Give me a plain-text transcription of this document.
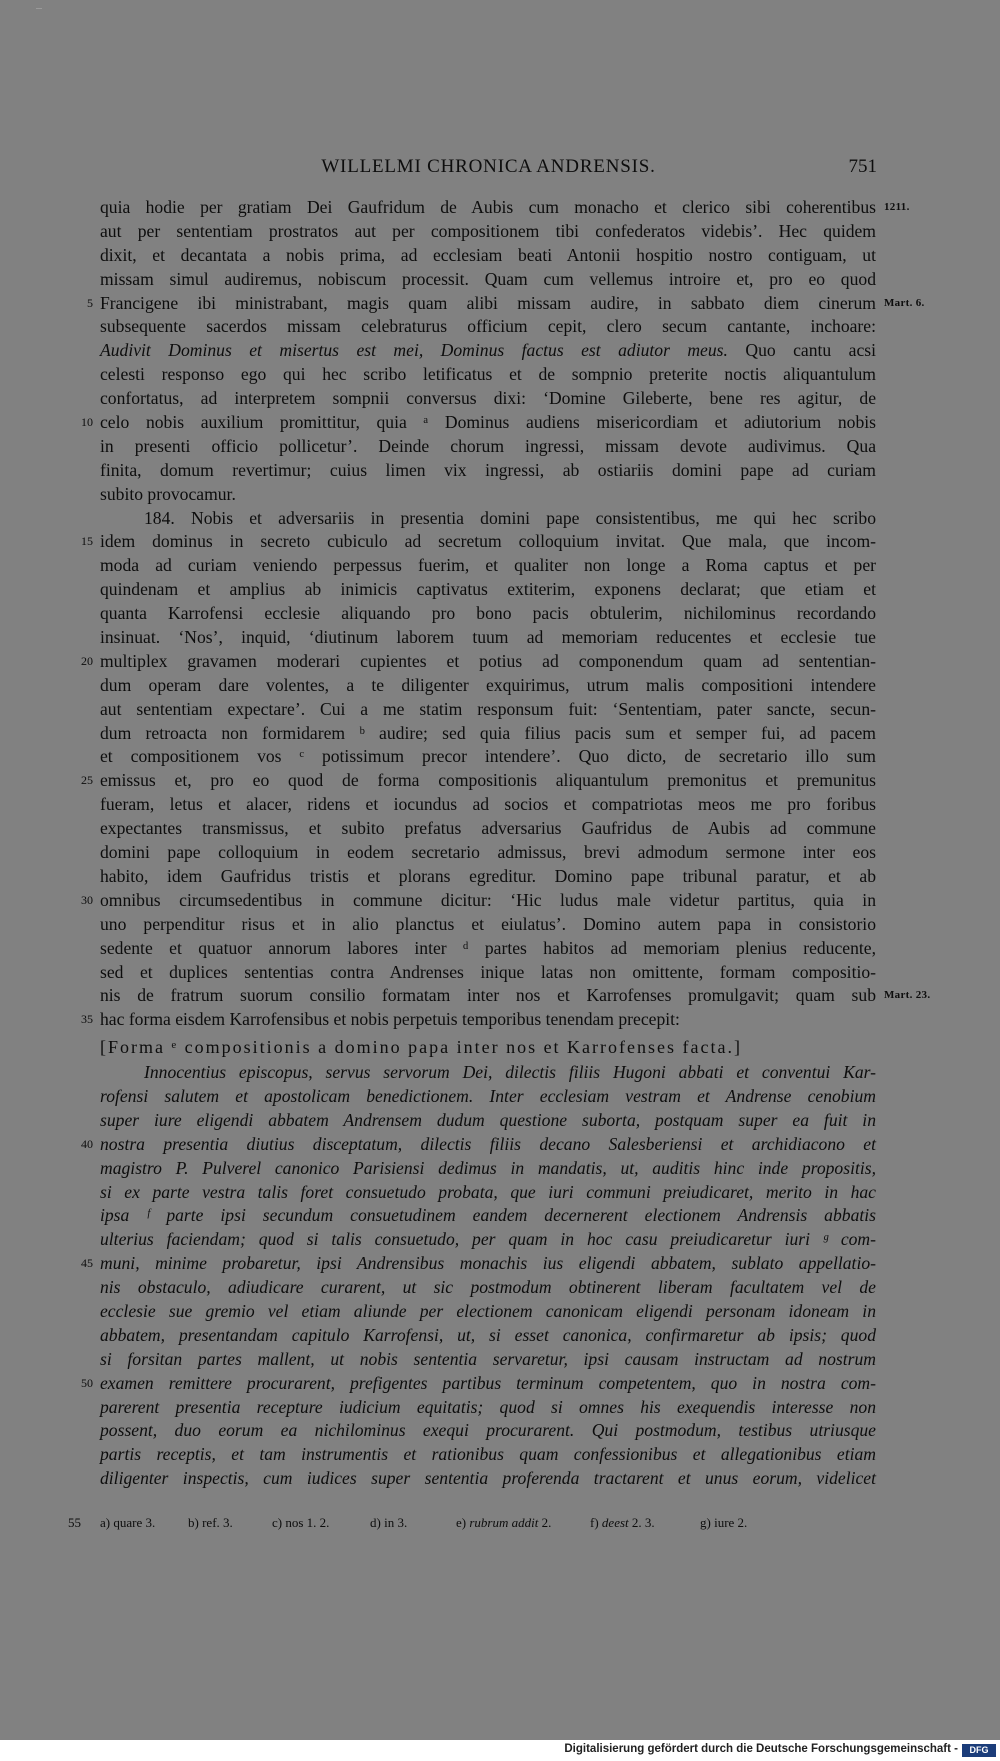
WILLELMI CHRONICA ANDRENSIS.	751
quia hodie per gratiam Dei Gaufridum de Aubis cum monacho et clerico sibi coherentibus 1211.
aut per sententiam prostratos aut per compositionem tibi confederatos videbis’. Hec quidem
dixit, et decantata a nobis prima, ad ecclesiam beati Antonii hospitio nostro contiguam, ut
missam simul audiremus, nobiscum processit. Quam cum vellemus introire et, pro eo quod
Francigene ibi ministrabant, magis quam alibi missam audire, in sabbato diem cinerum
5	Mart. 6.
subsequente sacerdos missam celebraturus officium cepit, clero secum cantante, inchoare:
Audivit Dominus et misertus est mei, Dominus factus est adiutor meus. Quo cantu acsi
celesti responso ego qui hec scribo letificatus et de sompnio preterite noctis aliquantulum
confortatus, ad interpretem sompnii conversus dixi: ‘Domine Gileberte, bene res agitur, de
celo nobis auxilium promittitur, quia ᵃ Dominus audiens misericordiam et adiutorium nobis
10
in presenti officio pollicetur’. Deinde chorum ingressi, missam devote audivimus. Qua
finita, domum revertimur; cuius limen vix ingressi, ab ostiariis domini pape ad curiam
subito provocamur.
184. Nobis et adversariis in presentia domini pape consistentibus, me qui hec scribo
idem dominus in secreto cubiculo ad secretum colloquium invitat. Que mala, que incom-
15
moda ad curiam veniendo perpessus fuerim, et qualiter non longe a Roma captus et per
quindenam et amplius ab inimicis captivatus extiterim, exponens declarat; que etiam et
quanta Karrofensi ecclesie aliquando pro bono pacis obtulerim, nichilominus recordando
insinuat. ‘Nos’, inquid, ‘diutinum laborem tuum ad memoriam reducentes et ecclesie tue
multiplex gravamen moderari cupientes et potius ad componendum quam ad sententian-
20
dum operam dare volentes, a te diligenter exquirimus, utrum malis compositioni intendere
aut sententiam expectare’. Cui a me statim responsum fuit: ‘Sententiam, pater sancte, secun-
dum retroacta non formidarem ᵇ audire; sed quia filius pacis sum et semper fui, ad pacem
et compositionem vos ᶜ potissimum precor intendere’. Quo dicto, de secretario illo sum
emissus et, pro eo quod de forma compositionis aliquantulum premonitus et premunitus
25
fueram, letus et alacer, ridens et iocundus ad socios et compatriotas meos me pro foribus
expectantes transmissus, et subito prefatus adversarius Gaufridus de Aubis ad commune
domini pape colloquium in eodem secretario admissus, brevi admodum sermone inter eos
habito, idem Gaufridus tristis et plorans egreditur. Domino pape tribunal paratur, et ab
omnibus circumsedentibus in commune dicitur: ‘Hic ludus male videtur partitus, quia in
30
uno perpenditur risus et in alio planctus et eiulatus’. Domino autem papa in consistorio
sedente et quatuor annorum labores inter ᵈ partes habitos ad memoriam plenius reducente,
sed et duplices sententias contra Andrenses inique latas non omittente, formam compositio-
nis de fratrum suorum consilio formatam inter nos et Karrofenses promulgavit; quam sub Mart. 23.
hac forma eisdem Karrofensibus et nobis perpetuis temporibus tenendam precepit:
35
[Forma ᵉ compositionis a domino papa inter nos et Karrofenses facta.]
Innocentius episcopus, servus servorum Dei, dilectis filiis Hugoni abbati et conventui Kar-
rofensi salutem et apostolicam benedictionem. Inter ecclesiam vestram et Andrense cenobium
super iure eligendi abbatem Andrensem dudum questione suborta, postquam super ea fuit in
nostra presentia diutius disceptatum, dilectis filiis decano Salesberiensi et archidiacono et
40
magistro P. Pulverel canonico Parisiensi dedimus in mandatis, ut, auditis hinc inde propositis,
si ex parte vestra talis foret consuetudo probata, que iuri communi preiudicaret, merito in hac
ipsa ᶠ parte ipsi secundum consuetudinem eandem decernerent electionem Andrensis abbatis
ulterius faciendam; quod si talis consuetudo, per quam in hoc casu preiudicaretur iuri ᵍ com-
muni, minime probaretur, ipsi Andrensibus monachis ius eligendi abbatem, sublato appellatio-
45
nis obstaculo, adiudicare curarent, ut sic postmodum obtinerent liberam facultatem vel de
ecclesie sue gremio vel etiam aliunde per electionem canonicam eligendi personam idoneam in
abbatem, presentandam capitulo Karrofensi, ut, si esset canonica, confirmaretur ab ipsis; quod
si forsitan partes mallent, ut nobis sententia servaretur, ipsi causam instructam ad nostrum
examen remittere procurarent, prefigentes partibus terminum competentem, quo in nostra com-
50
parerent presentia recepture iudicium equitatis; quod si omnes his exequendis interesse non
possent, duo eorum ea nichilominus exequi procurarent. Qui postmodum, testibus utriusque
partis receptis, et tam instrumentis et rationibus quam confessionibus et allegationibus etiam
diligenter inspectis, cum iudices super sententia proferenda tractarent et unus eorum, videlicet
55 a) quare 3.	b) ref. 3.	c) nos 1. 2.	d) in 3.	e) rubrum addit 2.	f) deest 2. 3.	g) iure 2.
Digitalisierung gefördert durch die Deutsche Forschungsgemeinschaft -	DFG
